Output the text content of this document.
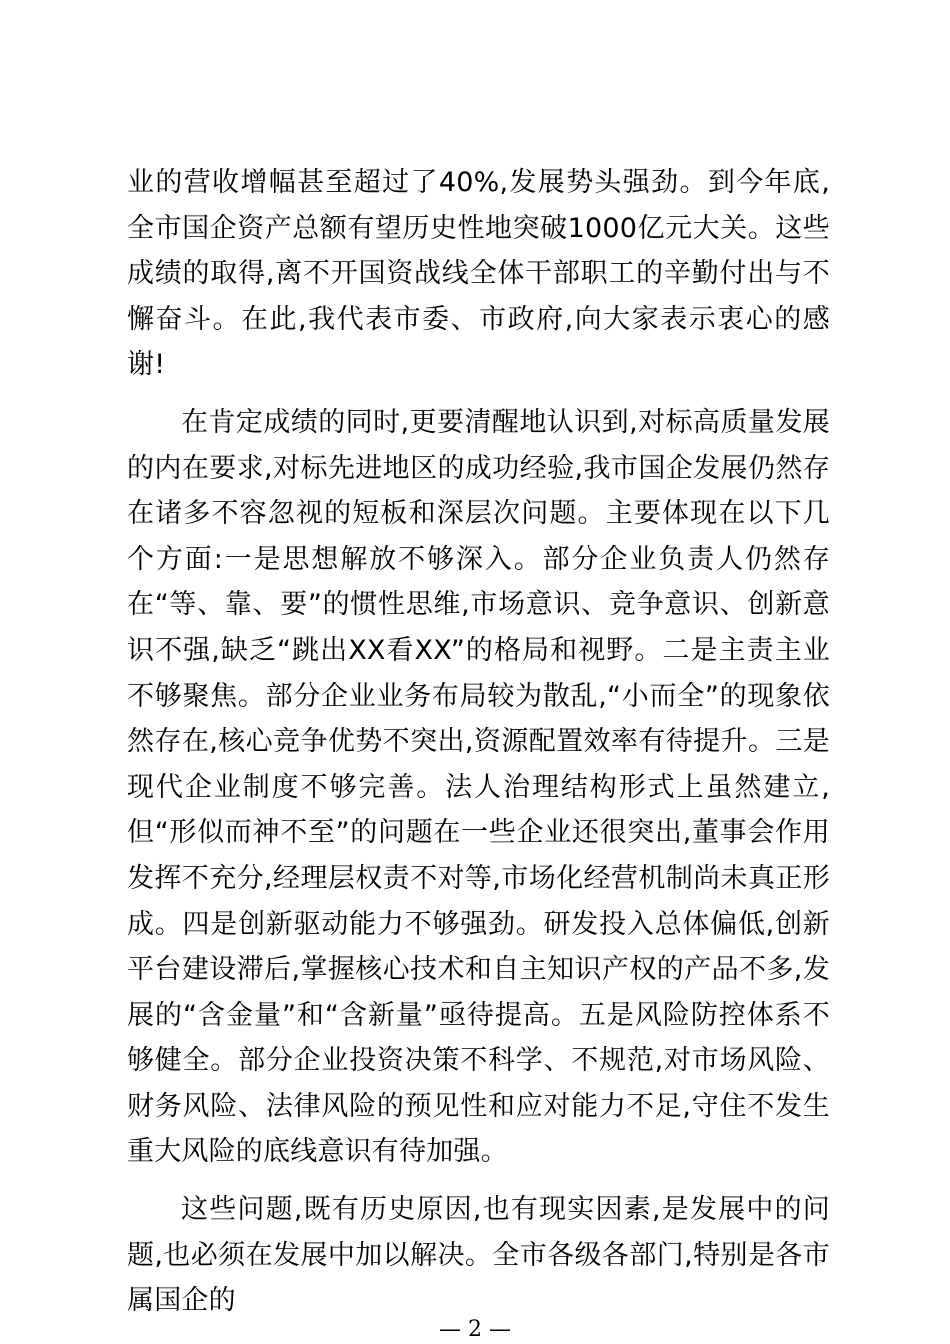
业的营收增幅甚至超过了40%,发展势头强劲。到今年底,全市国企资产总额有望历史性地突破1000亿元大关。这些成绩的取得,离不开国资战线全体干部职工的辛勤付出与不懈奋斗。在此,我代表市委、市政府,向大家表示衷心的感谢!

在肯定成绩的同时,更要清醒地认识到,对标高质量发展的内在要求,对标先进地区的成功经验,我市国企发展仍然存在诸多不容忽视的短板和深层次问题。主要体现在以下几个方面:一是思想解放不够深入。部分企业负责人仍然存在“等、靠、要”的惯性思维,市场意识、竞争意识、创新意识不强,缺乏“跳出XX看XX”的格局和视野。二是主责主业不够聚焦。部分企业业务布局较为散乱,“小而全”的现象依然存在,核心竞争优势不突出,资源配置效率有待提升。三是现代企业制度不够完善。法人治理结构形式上虽然建立,但“形似而神不至”的问题在一些企业还很突出,董事会作用发挥不充分,经理层权责不对等,市场化经营机制尚未真正形成。四是创新驱动能力不够强劲。研发投入总体偏低,创新平台建设滞后,掌握核心技术和自主知识产权的产品不多,发展的“含金量”和“含新量”亟待提高。五是风险防控体系不够健全。部分企业投资决策不科学、不规范,对市场风险、财务风险、法律风险的预见性和应对能力不足,守住不发生重大风险的底线意识有待加强。

这些问题,既有历史原因,也有现实因素,是发展中的问题,也必须在发展中加以解决。全市各级各部门,特别是各市属国企的

— 2 —
